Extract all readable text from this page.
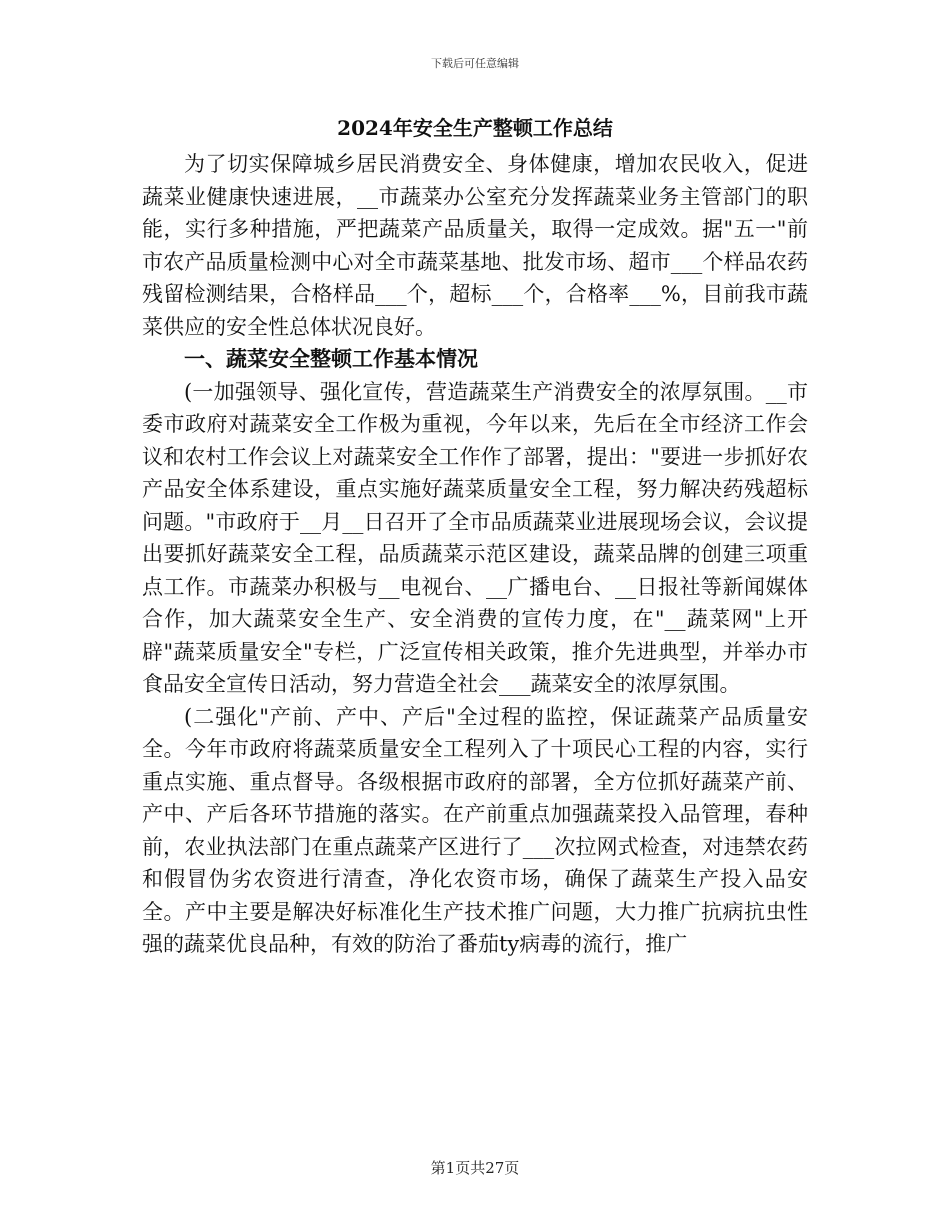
下载后可任意编辑
2024年安全生产整顿工作总结

为了切实保障城乡居民消费安全、身体健康，增加农民收入，促进蔬菜业健康快速进展，__市蔬菜办公室充分发挥蔬菜业务主管部门的职能，实行多种措施，严把蔬菜产品质量关，取得一定成效。据"五一"前市农产品质量检测中心对全市蔬菜基地、批发市场、超市___个样品农药残留检测结果，合格样品___个，超标___个，合格率___%，目前我市蔬菜供应的安全性总体状况良好。

一、蔬菜安全整顿工作基本情况

(一加强领导、强化宣传，营造蔬菜生产消费安全的浓厚氛围。__市委市政府对蔬菜安全工作极为重视，今年以来，先后在全市经济工作会议和农村工作会议上对蔬菜安全工作作了部署，提出："要进一步抓好农产品安全体系建设，重点实施好蔬菜质量安全工程，努力解决药残超标问题。"市政府于__月__日召开了全市品质蔬菜业进展现场会议，会议提出要抓好蔬菜安全工程，品质蔬菜示范区建设，蔬菜品牌的创建三项重点工作。市蔬菜办积极与__电视台、__广播电台、__日报社等新闻媒体合作，加大蔬菜安全生产、安全消费的宣传力度，在"__蔬菜网"上开辟"蔬菜质量安全"专栏，广泛宣传相关政策，推介先进典型，并举办市食品安全宣传日活动，努力营造全社会___蔬菜安全的浓厚氛围。

(二强化"产前、产中、产后"全过程的监控，保证蔬菜产品质量安全。今年市政府将蔬菜质量安全工程列入了十项民心工程的内容，实行重点实施、重点督导。各级根据市政府的部署，全方位抓好蔬菜产前、产中、产后各环节措施的落实。在产前重点加强蔬菜投入品管理，春种前，农业执法部门在重点蔬菜产区进行了___次拉网式检查，对违禁农药和假冒伪劣农资进行清查，净化农资市场，确保了蔬菜生产投入品安全。产中主要是解决好标准化生产技术推广问题，大力推广抗病抗虫性强的蔬菜优良品种，有效的防治了番茄ty病毒的流行，推广

第1页共27页
